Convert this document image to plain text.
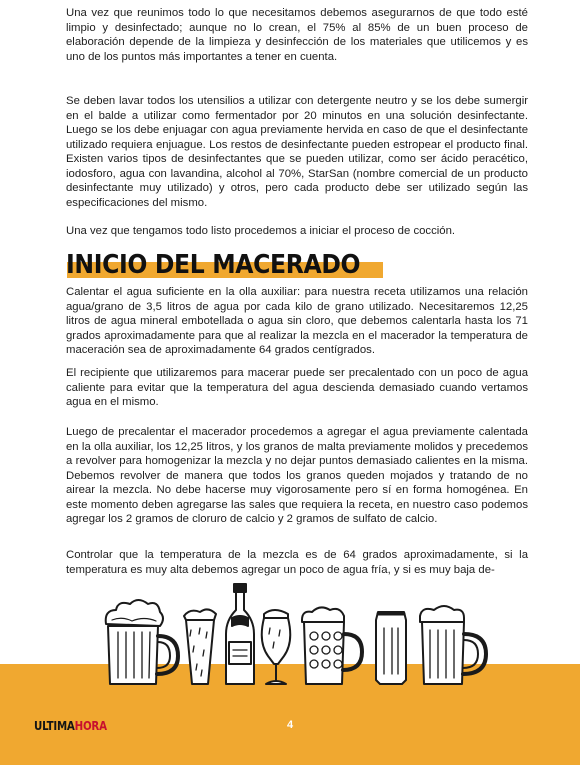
Una vez que reunimos todo lo que necesitamos debemos asegurarnos de que todo esté limpio y desinfectado; aunque no lo crean, el 75% al 85% de un buen proceso de elaboración depende de la limpieza y desinfección de los materiales que utilicemos y es uno de los puntos más importantes a tener en cuenta.

Se deben lavar todos los utensilios a utilizar con detergente neutro y se los debe sumergir en el balde a utilizar como fermentador por 20 minutos en una solución desinfectante. Luego se los debe enjuagar con agua previamente hervida en caso de que el desinfectante utilizado requiera enjuague. Los restos de desinfectante pueden estropear el producto final. Existen varios tipos de desinfectantes que se pueden utilizar, como ser ácido peracético, iodosforo, agua con lavandina, alcohol al 70%, StarSan (nombre comercial de un producto desinfectante muy utilizado) y otros, pero cada producto debe ser utilizado según las especificaciones del mismo.

Una vez que tengamos todo listo procedemos a iniciar el proceso de cocción.

INICIO DEL MACERADO

Calentar el agua suficiente en la olla auxiliar: para nuestra receta utilizamos una relación agua/grano de 3,5 litros de agua por cada kilo de grano utilizado. Necesitaremos 12,25 litros de agua mineral embotellada o agua sin cloro, que debemos calentarla hasta los 71 grados aproximadamente para que al realizar la mezcla en el macerador la temperatura de maceración sea de aproximadamente 64 grados centígrados.

El recipiente que utilizaremos para macerar puede ser precalentado con un poco de agua caliente para evitar que la temperatura del agua descienda demasiado cuando vertamos agua en el mismo.

Luego de precalentar el macerador procedemos a agregar el agua previamente calentada en la olla auxiliar, los 12,25 litros, y los granos de malta previamente molidos y precedemos a revolver para homogenizar la mezcla y no dejar puntos demasiado calientes en la misma. Debemos revolver de manera que todos los granos queden mojados y tratando de no airear la mezcla. No debe hacerse muy vigorosamente pero sí en forma homogénea. En este momento deben agregarse las sales que requiera la receta, en nuestro caso podemos agregar los 2 gramos de cloruro de calcio y 2 gramos de sulfato de calcio.

Controlar que la temperatura de la mezcla es de 64 grados aproximadamente, si la temperatura es muy alta debemos agregar un poco de agua fría, y si es muy baja de-

ULTIMAHORA	4
